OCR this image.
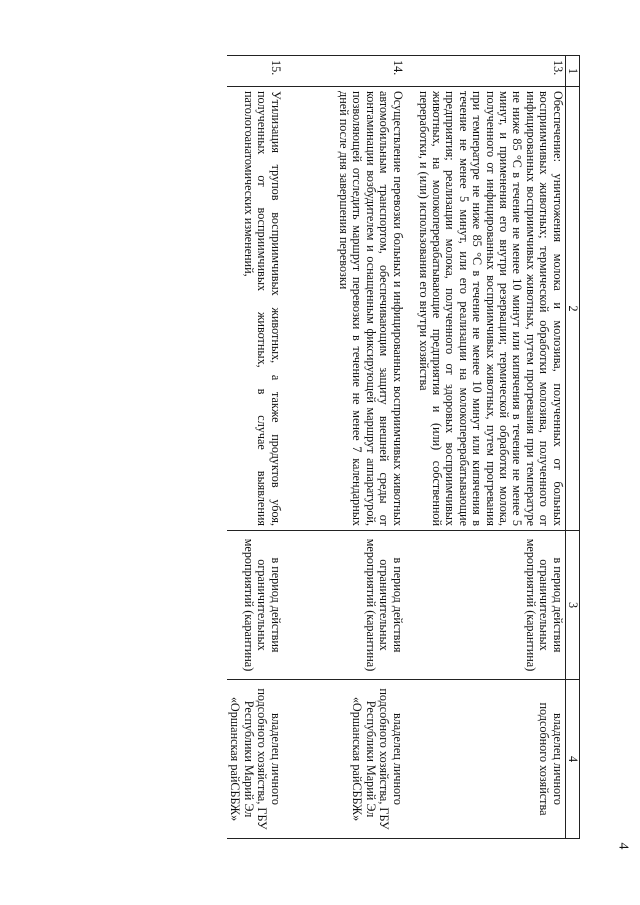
4
1	2	3	4
13.	Обеспечение: уничтожения молока и молозива, полученных от больных восприимчивых животных; термической обработки молозива, полученного от инфицированных восприимчивых животных, путем прогревания при температуре не ниже 85 °С в течение не менее 10 минут или кипячения в течение не менее 5 минут, и применения его внутри резервации; термической обработки молока, полученного от инфицированных восприимчивых животных, путем прогревания при температуре не ниже 85 °С в течение не менее 10 минут или кипячения в течение не менее 5 минут, или его реализации на молокоперерабатывающие предприятия; реализации молока, полученного от здоровых восприимчивых животных, на молокоперерабатывающие предприятия и (или) собственной переработки, и (или) использования его внутри хозяйства	в период действия ограничительных мероприятий (карантина)	владелец личного подсобного хозяйства
14.	Осуществление перевозки больных и инфицированных восприимчивых животных автомобильным транспортом, обеспечивающим защиту внешней среды от контаминации возбудителем и оснащенным фиксирующей маршрут аппаратурой, позволяющей отследить маршрут перевозки в течение не менее 7 календарных дней после дня завершения перевозки	в период действия ограничительных мероприятий (карантина)	владелец личного подсобного хозяйства, ГБУ Республики Марий Эл «Оршанская райСББЖ»
15.	Утилизация трупов восприимчивых животных, а также продуктов убоя, полученных от восприимчивых животных, в случае выявления патологоанатомических изменений,	в период действия ограничительных мероприятий (карантина)	владелец личного подсобного хозяйства, ГБУ Республики Марий Эл «Оршанская райСББЖ»
